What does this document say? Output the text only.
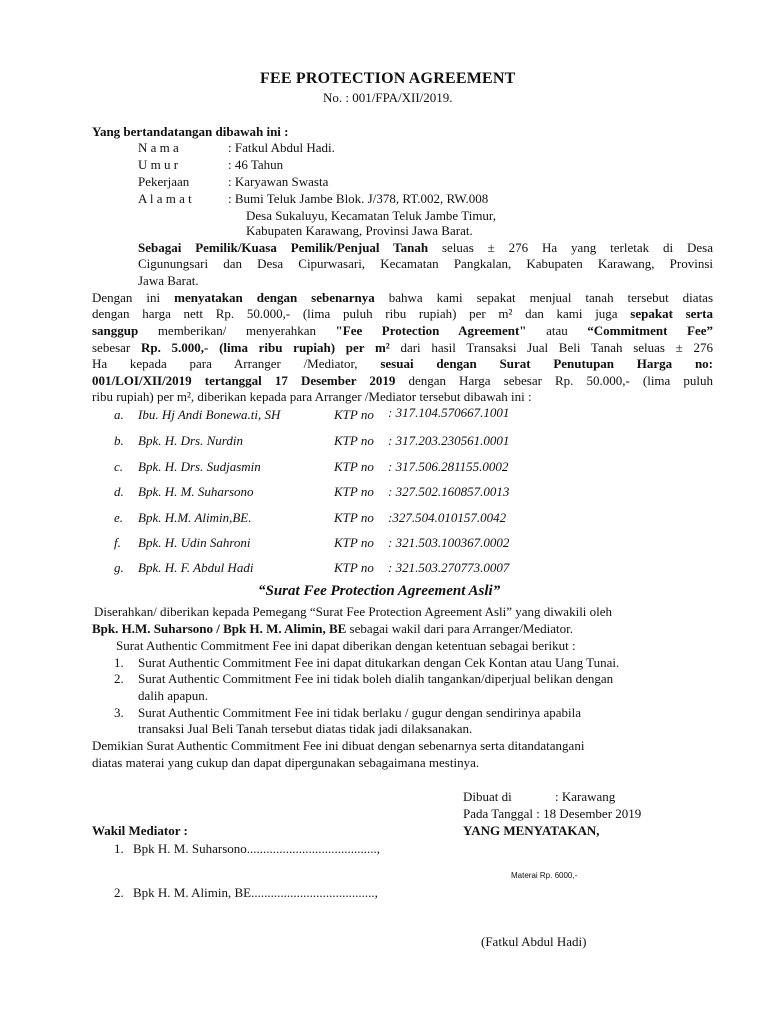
FEE PROTECTION AGREEMENT
No. : 001/FPA/XII/2019.
Yang bertandatangan dibawah ini :
N a m a	: Fatkul Abdul Hadi.
U m u r	: 46 Tahun
Pekerjaan	: Karyawan Swasta
A l a m a t	: Bumi Teluk Jambe Blok. J/378, RT.002, RW.008
Desa Sukaluyu, Kecamatan Teluk Jambe Timur,
Kabupaten Karawang, Provinsi Jawa Barat.
Sebagai Pemilik/Kuasa Pemilik/Penjual Tanah seluas ± 276 Ha yang terletak di Desa
Cigunungsari dan Desa Cipurwasari, Kecamatan Pangkalan, Kabupaten Karawang, Provinsi
Jawa Barat.
Dengan ini menyatakan dengan sebenarnya bahwa kami sepakat menjual tanah tersebut diatas
dengan harga nett Rp. 50.000,- (lima puluh ribu rupiah) per m² dan kami juga sepakat serta
sanggup memberikan/ menyerahkan "Fee Protection Agreement" atau “Commitment Fee”
sebesar Rp. 5.000,- (lima ribu rupiah) per m² dari hasil Transaksi Jual Beli Tanah seluas ± 276
Ha kepada para Arranger /Mediator, sesuai dengan Surat Penutupan Harga no:
001/LOI/XII/2019 tertanggal 17 Desember 2019 dengan Harga sebesar Rp. 50.000,- (lima puluh
ribu rupiah) per m², diberikan kepada para Arranger /Mediator tersebut dibawah ini :
a. Ibu. Hj Andi Bonewa.ti, SH	KTP no : 317.104.570667.1001
b. Bpk. H. Drs. Nurdin	KTP no : 317.203.230561.0001
c. Bpk. H. Drs. Sudjasmin	KTP no : 317.506.281155.0002
d. Bpk. H. M. Suharsono	KTP no : 327.502.160857.0013
e. Bpk. H.M. Alimin,BE.	KTP no :327.504.010157.0042
f. Bpk. H. Udin Sahroni	KTP no : 321.503.100367.0002
g. Bpk. H. F. Abdul Hadi	KTP no : 321.503.270773.0007
“Surat Fee Protection Agreement Asli”
Diserahkan/ diberikan kepada Pemegang “Surat Fee Protection Agreement Asli” yang diwakili oleh
Bpk. H.M. Suharsono / Bpk H. M. Alimin, BE sebagai wakil dari para Arranger/Mediator.
Surat Authentic Commitment Fee ini dapat diberikan dengan ketentuan sebagai berikut :
1. Surat Authentic Commitment Fee ini dapat ditukarkan dengan Cek Kontan atau Uang Tunai.
2. Surat Authentic Commitment Fee ini tidak boleh dialih tangankan/diperjual belikan dengan
dalih apapun.
3. Surat Authentic Commitment Fee ini tidak berlaku / gugur dengan sendirinya apabila
transaksi Jual Beli Tanah tersebut diatas tidak jadi dilaksanakan.
Demikian Surat Authentic Commitment Fee ini dibuat dengan sebenarnya serta ditandatangani
diatas materai yang cukup dan dapat dipergunakan sebagaimana mestinya.
Dibuat di	: Karawang
Pada Tanggal : 18 Desember 2019
YANG MENYATAKAN,
Materai Rp. 6000,-
(Fatkul Abdul Hadi)
Wakil Mediator :
1. Bpk H. M. Suharsono........................................,
2. Bpk H. M. Alimin, BE......................................,
